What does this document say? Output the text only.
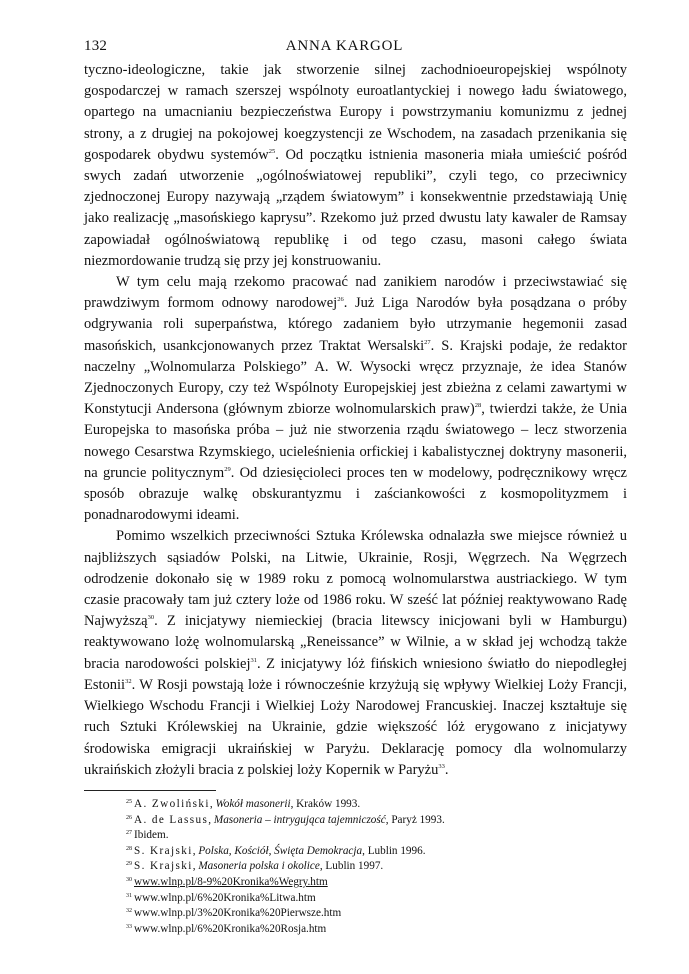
132	ANNA KARGOL

tyczno-ideologiczne, takie jak stworzenie silnej zachodnioeuropejskiej wspólnoty gospodarczej w ramach szerszej wspólnoty euroatlantyckiej i nowego ładu światowego, opartego na umacnianiu bezpieczeństwa Europy i powstrzymaniu komunizmu z jednej strony, a z drugiej na pokojowej koegzystencji ze Wschodem, na zasadach przenikania się gospodarek obydwu systemów$^{25}$. Od początku istnienia masoneria miała umieścić pośród swych zadań utworzenie „ogólnoświatowej republiki”, czyli tego, co przeciwnicy zjednoczonej Europy nazywają „rządem światowym” i konsekwentnie przedstawiają Unię jako realizację „masońskiego kaprysu”. Rzekomo już przed dwustu laty kawaler de Ramsay zapowiadał ogólnoświatową republikę i od tego czasu, masoni całego świata niezmordowanie trudzą się przy jej konstruowaniu.

W tym celu mają rzekomo pracować nad zanikiem narodów i przeciwstawiać się prawdziwym formom odnowy narodowej$^{26}$. Już Liga Narodów była posądzana o próby odgrywania roli superpaństwa, którego zadaniem było utrzymanie hegemonii zasad masońskich, usankcjonowanych przez Traktat Wersalski$^{27}$. S. Krajski podaje, że redaktor naczelny „Wolnomularza Polskiego” A. W. Wysocki wręcz przyznaje, że idea Stanów Zjednoczonych Europy, czy też Wspólnoty Europejskiej jest zbieżna z celami zawartymi w Konstytucji Andersona (głównym zbiorze wolnomularskich praw)$^{28}$, twierdzi także, że Unia Europejska to masońska próba – już nie stworzenia rządu światowego – lecz stworzenia nowego Cesarstwa Rzymskiego, ucieleśnienia orfickiej i kabalistycznej doktryny masonerii, na gruncie politycznym$^{29}$. Od dziesięcioleci proces ten w modelowy, podręcznikowy wręcz sposób obrazuje walkę obskurantyzmu i zaściankowości z kosmopolityzmem i ponadnarodowymi ideami.

Pomimo wszelkich przeciwności Sztuka Królewska odnalazła swe miejsce również u najbliższych sąsiadów Polski, na Litwie, Ukrainie, Rosji, Węgrzech. Na Węgrzech odrodzenie dokonało się w 1989 roku z pomocą wolnomularstwa austriackiego. W tym czasie pracowały tam już cztery loże od 1986 roku. W sześć lat później reaktywowano Radę Najwyższą$^{30}$. Z inicjatywy niemieckiej (bracia litewscy inicjowani byli w Hamburgu) reaktywowano lożę wolnomularską „Reneissance” w Wilnie, a w skład jej wchodzą także bracia narodowości polskiej$^{31}$. Z inicjatywy lóż fińskich wniesiono światło do niepodległej Estonii$^{32}$. W Rosji powstają loże i równocześnie krzyżują się wpływy Wielkiej Loży Francji, Wielkiego Wschodu Francji i Wielkiej Loży Narodowej Francuskiej. Inaczej kształtuje się ruch Sztuki Królewskiej na Ukrainie, gdzie większość lóż erygowano z inicjatywy środowiska emigracji ukraińskiej w Paryżu. Deklarację pomocy dla wolnomularzy ukraińskich złożyli bracia z polskiej loży Kopernik w Paryżu$^{33}$.

$^{25}$ A. Zwoliński, Wokół masonerii, Kraków 1993.
$^{26}$ A. de Lassus, Masoneria – intrygująca tajemniczość, Paryż 1993.
$^{27}$ Ibidem.
$^{28}$ S. Krajski, Polska, Kościół, Święta Demokracja, Lublin 1996.
$^{29}$ S. Krajski, Masoneria polska i okolice, Lublin 1997.
$^{30}$ www.wlnp.pl/8-9%20Kronika%Wegry.htm
$^{31}$ www.wlnp.pl/6%20Kronika%Litwa.htm
$^{32}$ www.wlnp.pl/3%20Kronika%20Pierwsze.htm
$^{33}$ www.wlnp.pl/6%20Kronika%20Rosja.htm
